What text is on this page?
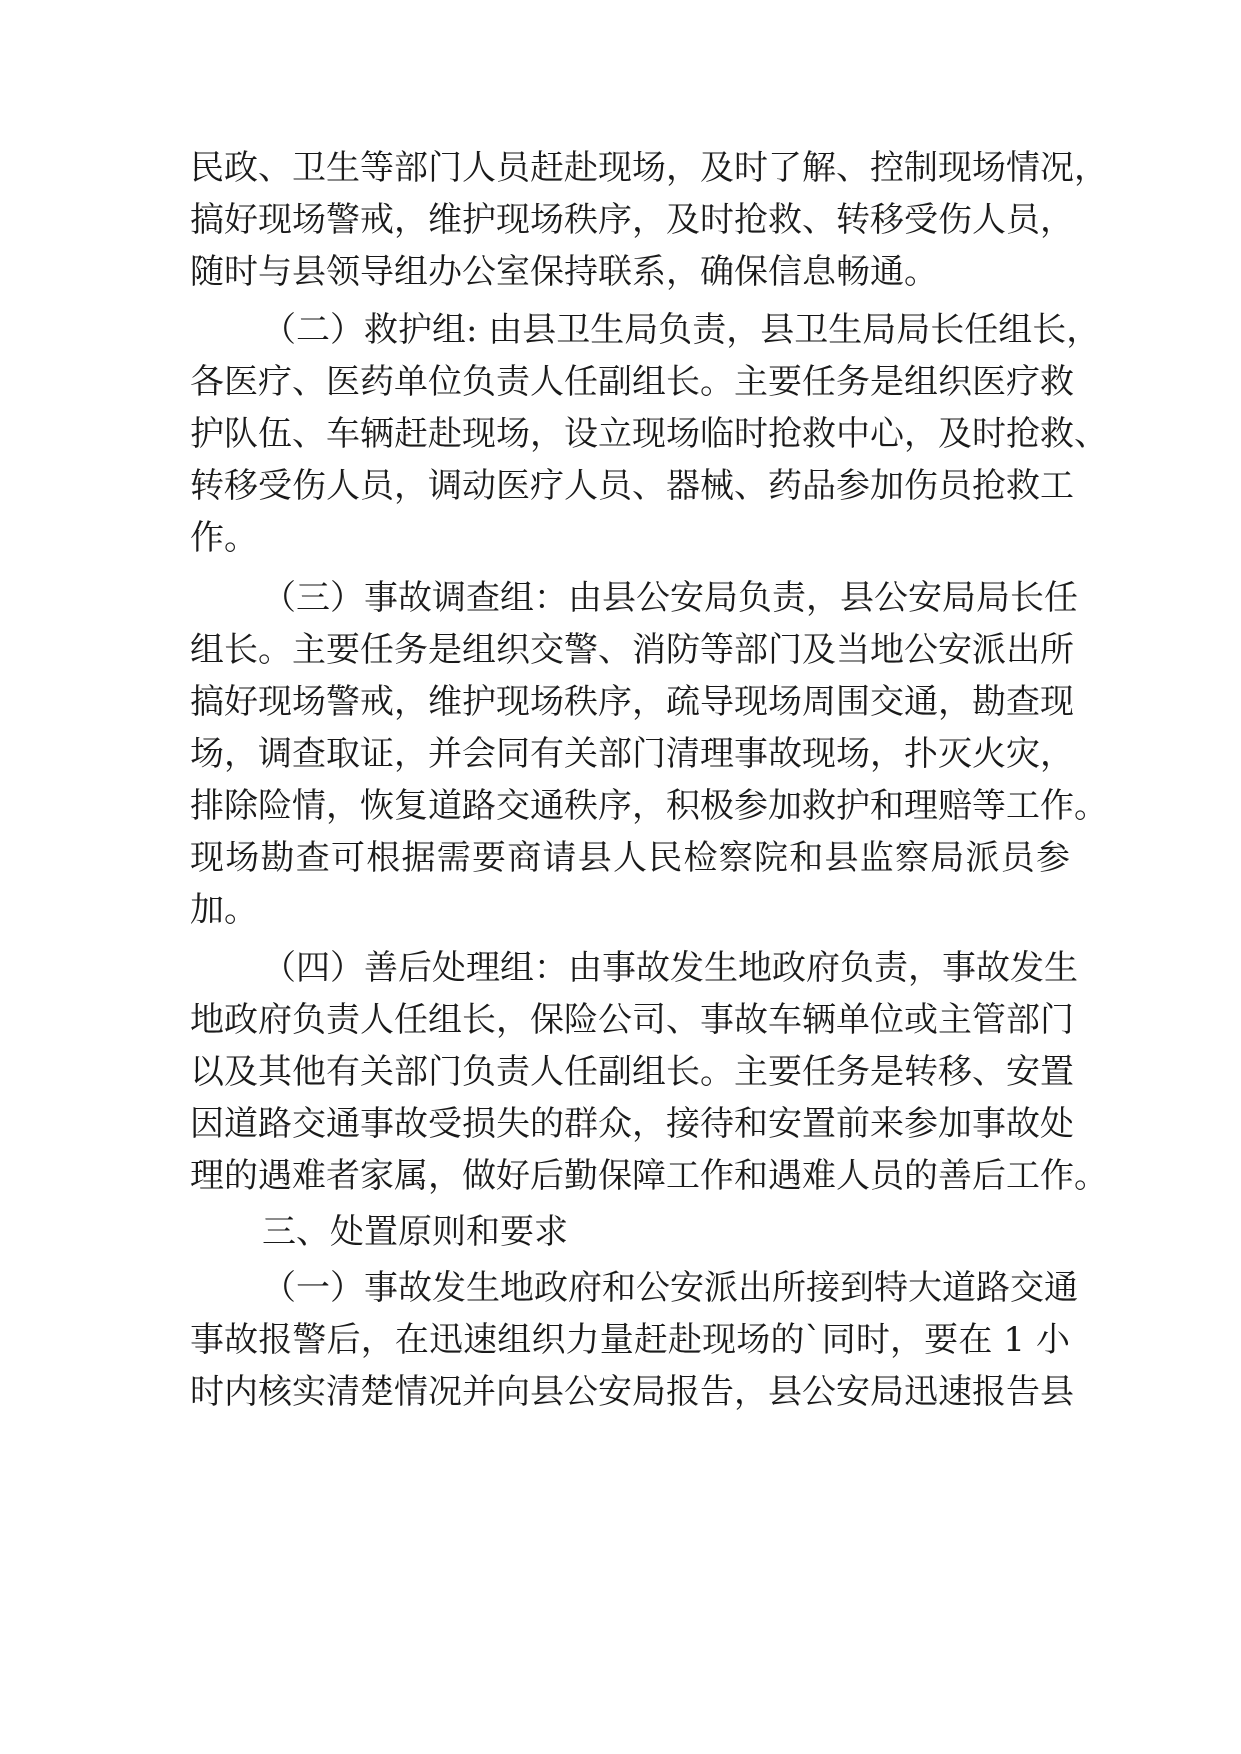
民政、卫生等部门人员赶赴现场，及时了解、控制现场情况，
搞好现场警戒，维护现场秩序，及时抢救、转移受伤人员，
随时与县领导组办公室保持联系，确保信息畅通。
（二）救护组: 由县卫生局负责，县卫生局局长任组长，
各医疗、医药单位负责人任副组长。主要任务是组织医疗救
护队伍、车辆赶赴现场，设立现场临时抢救中心，及时抢救、
转移受伤人员，调动医疗人员、器械、药品参加伤员抢救工
作。
（三）事故调查组：由县公安局负责，县公安局局长任
组长。主要任务是组织交警、消防等部门及当地公安派出所
搞好现场警戒，维护现场秩序，疏导现场周围交通，勘查现
场，调查取证，并会同有关部门清理事故现场，扑灭火灾，
排除险情，恢复道路交通秩序，积极参加救护和理赔等工作。
现场勘查可根据需要商请县人民检察院和县监察局派员参
加。
（四）善后处理组：由事故发生地政府负责，事故发生
地政府负责人任组长，保险公司、事故车辆单位或主管部门
以及其他有关部门负责人任副组长。主要任务是转移、安置
因道路交通事故受损失的群众，接待和安置前来参加事故处
理的遇难者家属，做好后勤保障工作和遇难人员的善后工作。
三、处置原则和要求
（一）事故发生地政府和公安派出所接到特大道路交通
事故报警后，在迅速组织力量赶赴现场的`同时，要在 1 小
时内核实清楚情况并向县公安局报告，县公安局迅速报告县
